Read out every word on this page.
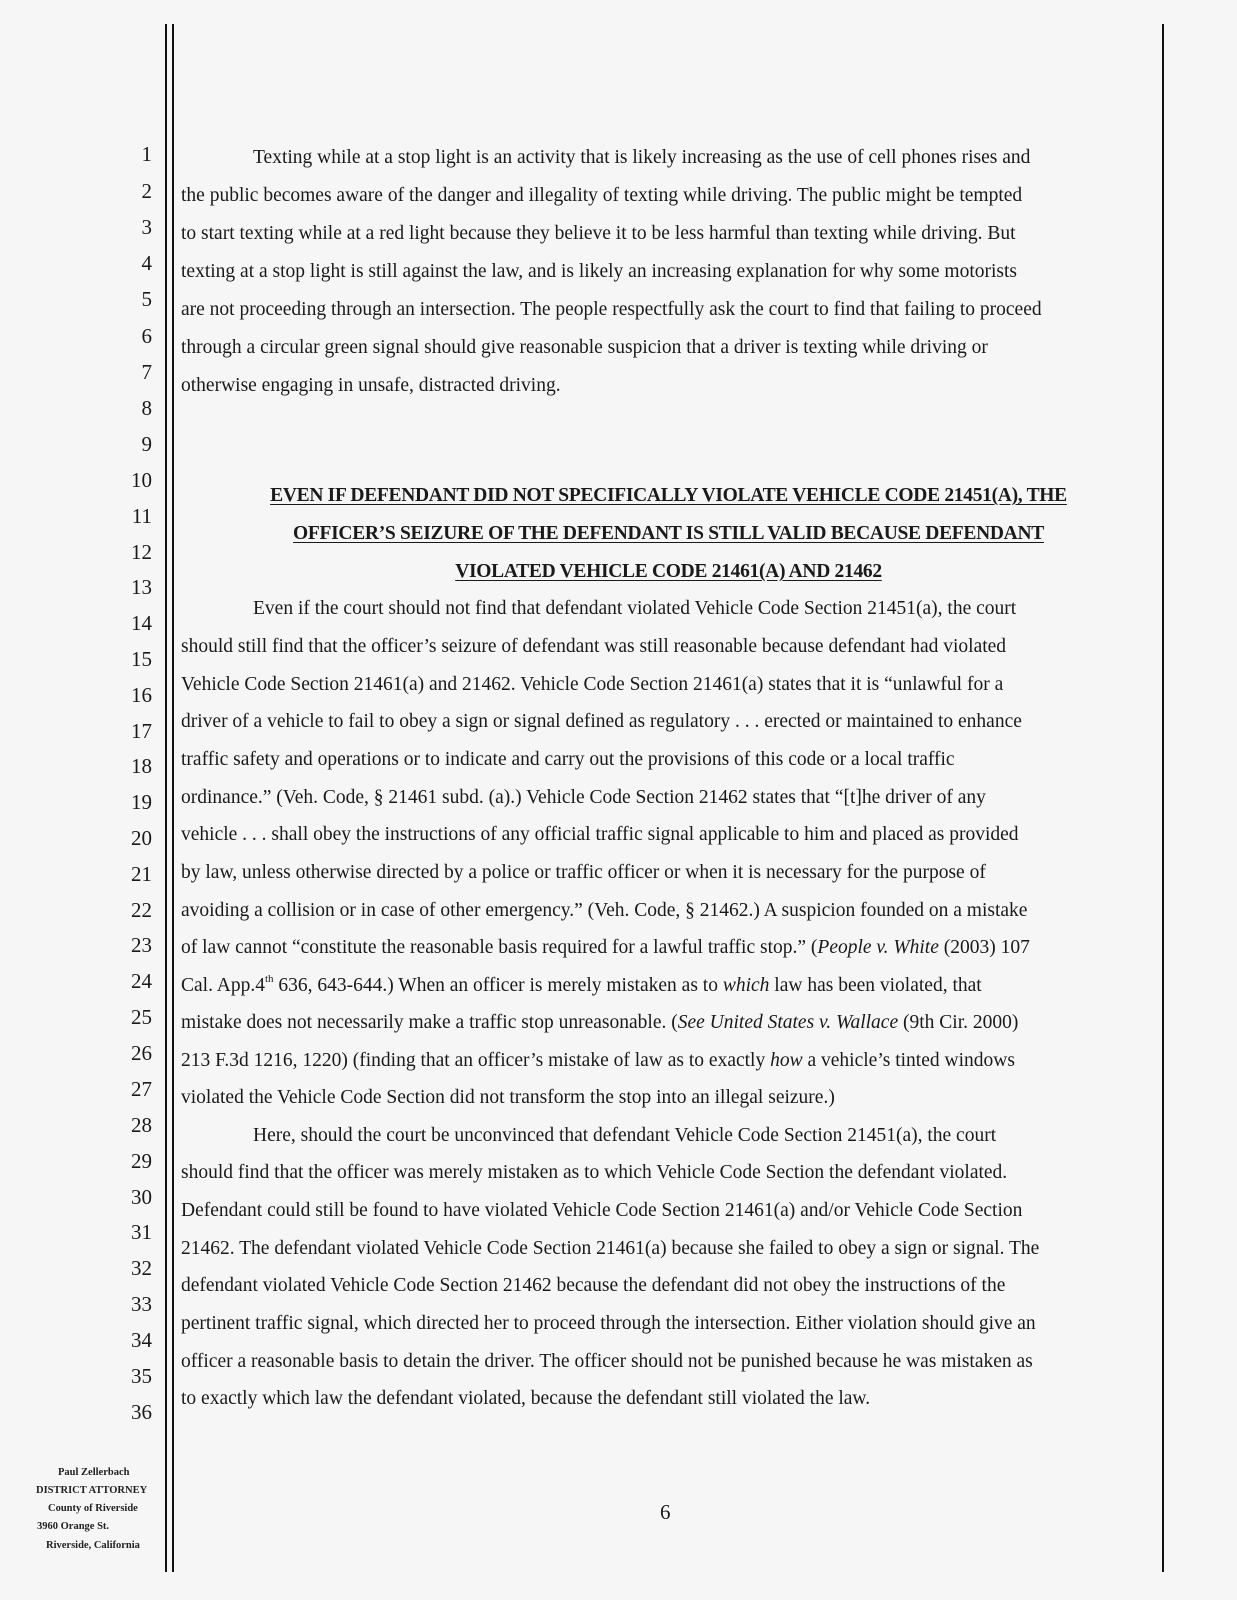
1
2
3
4
5
6
7
8
9
10
11
12
13
14
15
16
17
18
19
20
21
22
23
24
25
26
27
28
29
30
31
32
33
34
35
36
Texting while at a stop light is an activity that is likely increasing as the use of cell phones rises and
the public becomes aware of the danger and illegality of texting while driving. The public might be tempted
to start texting while at a red light because they believe it to be less harmful than texting while driving. But
texting at a stop light is still against the law, and is likely an increasing explanation for why some motorists
are not proceeding through an intersection. The people respectfully ask the court to find that failing to proceed
through a circular green signal should give reasonable suspicion that a driver is texting while driving or
otherwise engaging in unsafe, distracted driving.
EVEN IF DEFENDANT DID NOT SPECIFICALLY VIOLATE VEHICLE CODE 21451(A), THE
OFFICER’S SEIZURE OF THE DEFENDANT IS STILL VALID BECAUSE DEFENDANT
VIOLATED VEHICLE CODE 21461(A) AND 21462
Even if the court should not find that defendant violated Vehicle Code Section 21451(a), the court
should still find that the officer’s seizure of defendant was still reasonable because defendant had violated
Vehicle Code Section 21461(a) and 21462. Vehicle Code Section 21461(a) states that it is “unlawful for a
driver of a vehicle to fail to obey a sign or signal defined as regulatory . . . erected or maintained to enhance
traffic safety and operations or to indicate and carry out the provisions of this code or a local traffic
ordinance.” (Veh. Code, § 21461 subd. (a).) Vehicle Code Section 21462 states that “[t]he driver of any
vehicle . . . shall obey the instructions of any official traffic signal applicable to him and placed as provided
by law, unless otherwise directed by a police or traffic officer or when it is necessary for the purpose of
avoiding a collision or in case of other emergency.” (Veh. Code, § 21462.) A suspicion founded on a mistake
of law cannot “constitute the reasonable basis required for a lawful traffic stop.” (People v. White (2003) 107
Cal. App.4th 636, 643-644.) When an officer is merely mistaken as to which law has been violated, that
mistake does not necessarily make a traffic stop unreasonable. (See United States v. Wallace (9th Cir. 2000)
213 F.3d 1216, 1220) (finding that an officer’s mistake of law as to exactly how a vehicle’s tinted windows
violated the Vehicle Code Section did not transform the stop into an illegal seizure.)
Here, should the court be unconvinced that defendant Vehicle Code Section 21451(a), the court
should find that the officer was merely mistaken as to which Vehicle Code Section the defendant violated.
Defendant could still be found to have violated Vehicle Code Section 21461(a) and/or Vehicle Code Section
21462. The defendant violated Vehicle Code Section 21461(a) because she failed to obey a sign or signal. The
defendant violated Vehicle Code Section 21462 because the defendant did not obey the instructions of the
pertinent traffic signal, which directed her to proceed through the intersection. Either violation should give an
officer a reasonable basis to detain the driver. The officer should not be punished because he was mistaken as
to exactly which law the defendant violated, because the defendant still violated the law.
Paul Zellerbach
DISTRICT ATTORNEY
County of Riverside
3960 Orange St.
Riverside, California
6
